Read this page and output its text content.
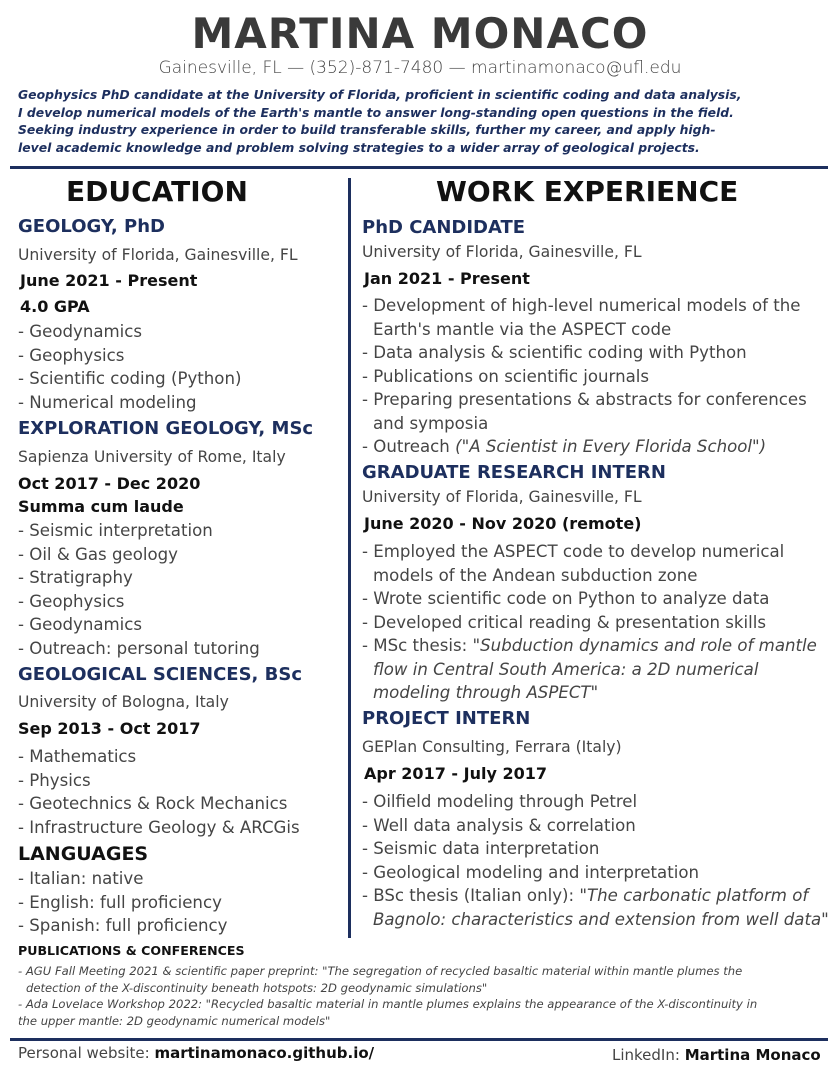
MARTINA MONACO
Gainesville, FL — (352)-871-7480 — martinamonaco@ufl.edu
Geophysics PhD candidate at the University of Florida, proficient in scientific coding and data analysis,
I develop numerical models of the Earth's mantle to answer long-standing open questions in the field.
Seeking industry experience in order to build transferable skills, further my career, and apply high-
level academic knowledge and problem solving strategies to a wider array of geological projects.
EDUCATION
GEOLOGY, PhD
University of Florida, Gainesville, FL
June 2021 - Present
4.0 GPA
- Geodynamics
- Geophysics
- Scientific coding (Python)
- Numerical modeling
EXPLORATION GEOLOGY, MSc
Sapienza University of Rome, Italy
Oct 2017 - Dec 2020
Summa cum laude
- Seismic interpretation
- Oil & Gas geology
- Stratigraphy
- Geophysics
- Geodynamics
- Outreach: personal tutoring
GEOLOGICAL SCIENCES, BSc
University of Bologna, Italy
Sep 2013 - Oct 2017
- Mathematics
- Physics
- Geotechnics & Rock Mechanics
- Infrastructure Geology & ARCGis
LANGUAGES
- Italian: native
- English: full proficiency
- Spanish: full proficiency
WORK EXPERIENCE
PhD CANDIDATE
University of Florida, Gainesville, FL
Jan 2021 - Present
- Development of high-level numerical models of the
Earth's mantle via the ASPECT code
- Data analysis & scientific coding with Python
- Publications on scientific journals
- Preparing presentations & abstracts for conferences
and symposia
- Outreach ("A Scientist in Every Florida School")
GRADUATE RESEARCH INTERN
University of Florida, Gainesville, FL
June 2020 - Nov 2020 (remote)
- Employed the ASPECT code to develop numerical
models of the Andean subduction zone
- Wrote scientific code on Python to analyze data
- Developed critical reading & presentation skills
- MSc thesis: "Subduction dynamics and role of mantle
flow in Central South America: a 2D numerical
modeling through ASPECT"
PROJECT INTERN
GEPlan Consulting, Ferrara (Italy)
Apr 2017 - July 2017
- Oilfield modeling through Petrel
- Well data analysis & correlation
- Seismic data interpretation
- Geological modeling and interpretation
- BSc thesis (Italian only): "The carbonatic platform of
Bagnolo: characteristics and extension from well data"
PUBLICATIONS & CONFERENCES
- AGU Fall Meeting 2021 & scientific paper preprint: "The segregation of recycled basaltic material within mantle plumes the
detection of the X-discontinuity beneath hotspots: 2D geodynamic simulations"
- Ada Lovelace Workshop 2022: "Recycled basaltic material in mantle plumes explains the appearance of the X-discontinuity in
the upper mantle: 2D geodynamic numerical models"
Personal website: martinamonaco.github.io/	LinkedIn: Martina Monaco
